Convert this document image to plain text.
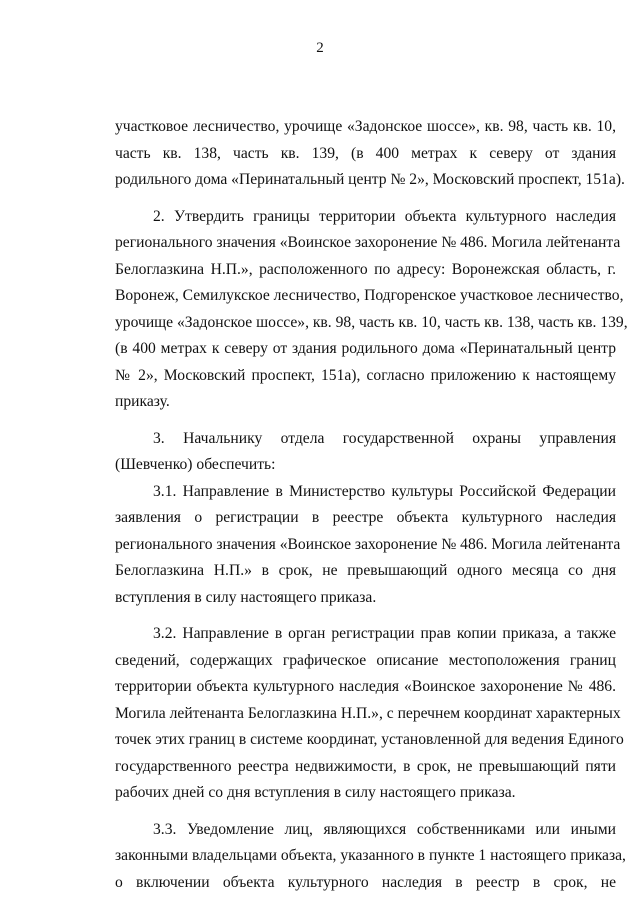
2
участковое лесничество, урочище «Задонское шоссе», кв. 98, часть кв. 10,
часть кв. 138, часть кв. 139, (в 400 метрах к северу от здания
родильного дома «Перинатальный центр № 2», Московский проспект, 151а).
2. Утвердить границы территории объекта культурного наследия
регионального значения «Воинское захоронение № 486. Могила лейтенанта
Белоглазкина Н.П.», расположенного по адресу: Воронежская область, г.
Воронеж, Семилукское лесничество, Подгоренское участковое лесничество,
урочище «Задонское шоссе», кв. 98, часть кв. 10, часть кв. 138, часть кв. 139,
(в 400 метрах к северу от здания родильного дома «Перинатальный центр
№ 2», Московский проспект, 151а), согласно приложению к настоящему
приказу.
3. Начальнику отдела государственной охраны управления
(Шевченко) обеспечить:
3.1. Направление в Министерство культуры Российской Федерации
заявления о регистрации в реестре объекта культурного наследия
регионального значения «Воинское захоронение № 486. Могила лейтенанта
Белоглазкина Н.П.» в срок, не превышающий одного месяца со дня
вступления в силу настоящего приказа.
3.2. Направление в орган регистрации прав копии приказа, а также
сведений, содержащих графическое описание местоположения границ
территории объекта культурного наследия «Воинское захоронение № 486.
Могила лейтенанта Белоглазкина Н.П.», с перечнем координат характерных
точек этих границ в системе координат, установленной для ведения Единого
государственного реестра недвижимости, в срок, не превышающий пяти
рабочих дней со дня вступления в силу настоящего приказа.
3.3. Уведомление лиц, являющихся собственниками или иными
законными владельцами объекта, указанного в пункте 1 настоящего приказа,
о включении объекта культурного наследия в реестр в срок, не
